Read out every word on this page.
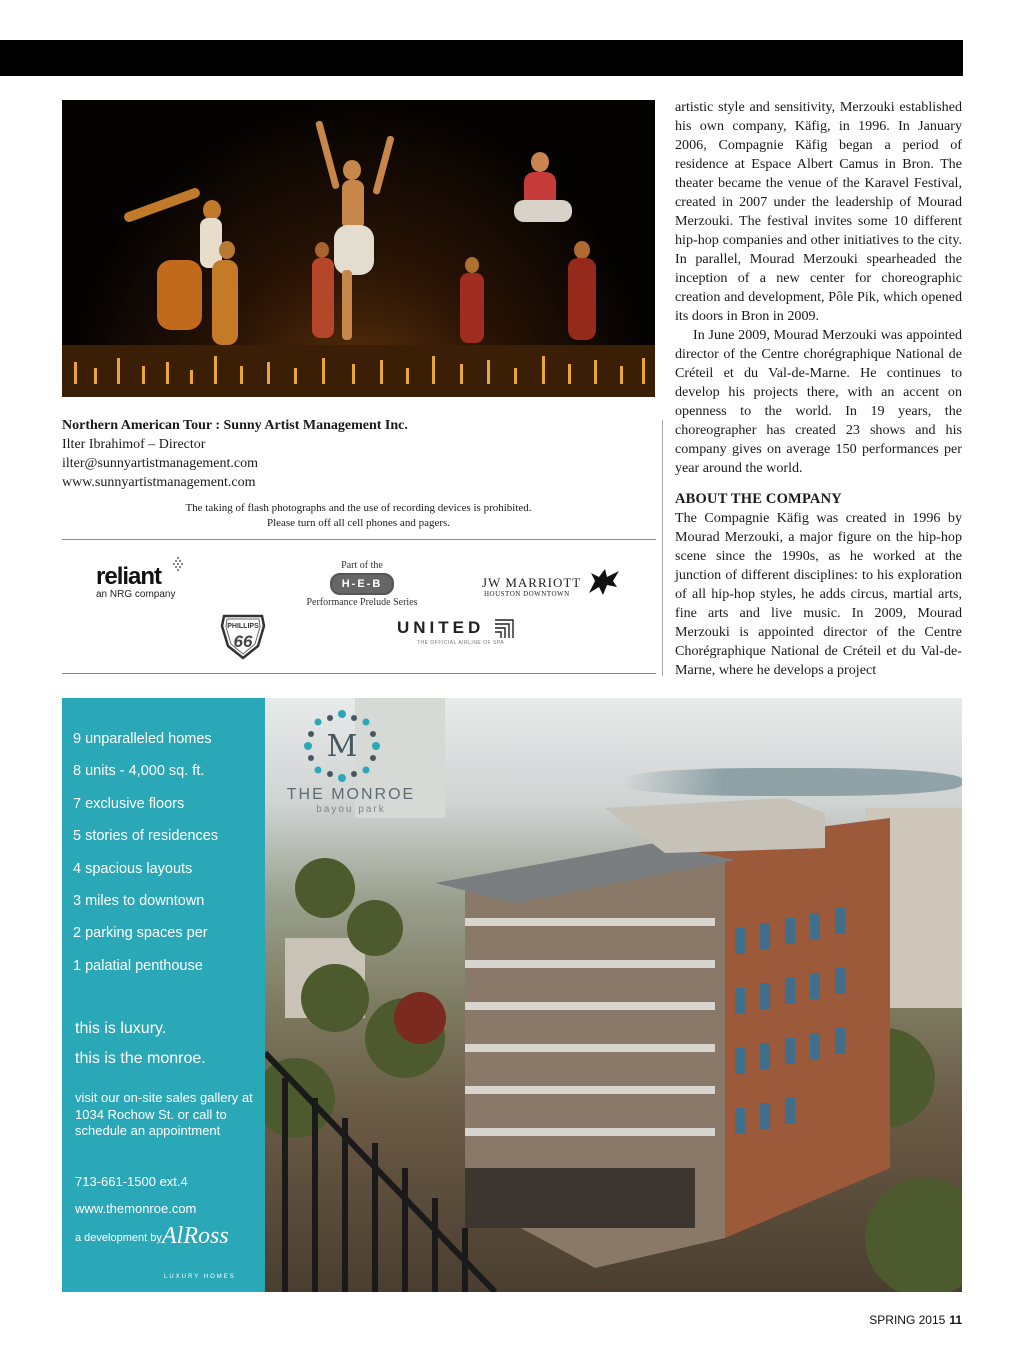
Northern American Tour : Sunny Artist Management Inc.
Ilter Ibrahimof – Director
ilter@sunnyartistmanagement.com
www.sunnyartistmanagement.com
The taking of flash photographs and the use of recording devices is prohibited.
Please turn off all cell phones and pagers.
reliant
an NRG company
Part of the
H-E-B
Performance Prelude Series
JW MARRIOTT
HOUSTON DOWNTOWN
PHILLIPS
66
UNITED
THE OFFICIAL AIRLINE OF SPA

artistic style and sensitivity, Merzouki established his own company, Käfig, in 1996. In January 2006, Compagnie Käfig began a period of residence at Espace Albert Camus in Bron. The theater became the venue of the Karavel Festival, created in 2007 under the leadership of Mourad Merzouki. The festival invites some 10 different hip-hop companies and other initiatives to the city. In parallel, Mourad Merzouki spearheaded the inception of a new center for choreographic creation and development, Pôle Pik, which opened its doors in Bron in 2009.

In June 2009, Mourad Merzouki was appointed director of the Centre chorégraphique National de Créteil et du Val-de-Marne. He continues to develop his projects there, with an accent on openness to the world. In 19 years, the choreographer has created 23 shows and his company gives on average 150 performances per year around the world.

ABOUT THE COMPANY

The Compagnie Käfig was created in 1996 by Mourad Merzouki, a major figure on the hip-hop scene since the 1990s, as he worked at the junction of different disciplines: to his exploration of all hip-hop styles, he adds circus, martial arts, fine arts and live music. In 2009, Mourad Merzouki is appointed director of the Centre Chorégraphique National de Créteil et du Val-de-Marne, where he develops a project

M
THE MONROE
bayou park
9 unparalleled homes
8 units - 4,000 sq. ft.
7 exclusive floors
5 stories of residences
4 spacious layouts
3 miles to downtown
2 parking spaces per
1 palatial penthouse
this is luxury.
this is the monroe.
visit our on-site sales gallery at 1034 Rochow St. or call to schedule an appointment
713-661-1500 ext.4
www.themonroe.com
a development by AlRoss
LUXURY HOMES
SPRING 2015 11
